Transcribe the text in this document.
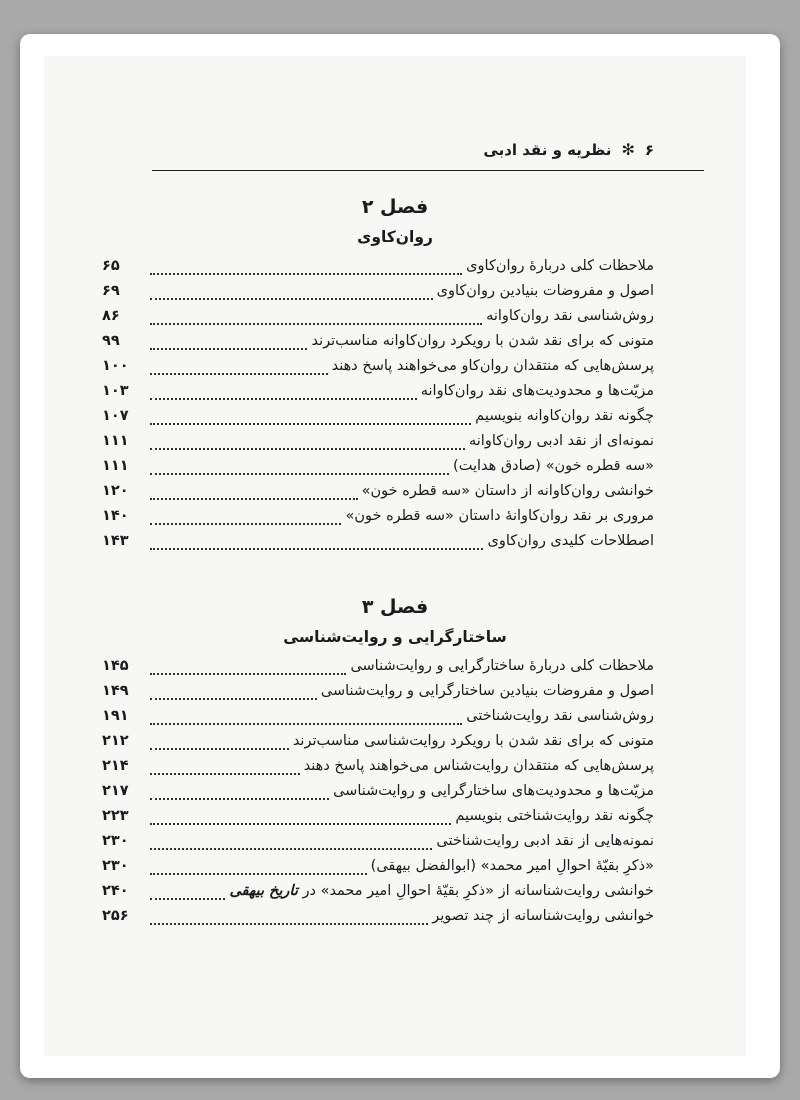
۶
✻
نظریه و نقد ادبی
فصل ۲
روان‌کاوی
ملاحظات کلی دربارهٔ روان‌کاوی
۶۵
اصول و مفروضات بنیادین روان‌کاوی
۶۹
روش‌شناسی نقد روان‌کاوانه
۸۶
متونی که برای نقد شدن با رویکرد روان‌کاوانه مناسب‌ترند
۹۹
پرسش‌هایی که منتقدان روان‌کاو می‌خواهند پاسخ دهند
۱۰۰
مزیّت‌ها و محدودیت‌های نقد روان‌کاوانه
۱۰۳
چگونه نقد روان‌کاوانه بنویسیم
۱۰۷
نمونه‌ای از نقد ادبی روان‌کاوانه
۱۱۱
«سه قطره خون» (صادق هدایت)
۱۱۱
خوانشی روان‌کاوانه از داستان «سه قطره خون»
۱۲۰
مروری بر نقد روان‌کاوانهٔ داستان «سه قطره خون»
۱۴۰
اصطلاحات کلیدی روان‌کاوی
۱۴۳
فصل ۳
ساختارگرایی و روایت‌شناسی
ملاحظات کلی دربارهٔ ساختارگرایی و روایت‌شناسی
۱۴۵
اصول و مفروضات بنیادین ساختارگرایی و روایت‌شناسی
۱۴۹
روش‌شناسی نقد روایت‌شناختی
۱۹۱
متونی که برای نقد شدن با رویکرد روایت‌شناسی مناسب‌ترند
۲۱۲
پرسش‌هایی که منتقدان روایت‌شناس می‌خواهند پاسخ دهند
۲۱۴
مزیّت‌ها و محدودیت‌های ساختارگرایی و روایت‌شناسی
۲۱۷
چگونه نقد روایت‌شناختی بنویسیم
۲۲۳
نمونه‌هایی از نقد ادبی روایت‌شناختی
۲۳۰
«ذکرِ بقیّهٔ احوالِ امیر محمد» (ابوالفضل بیهقی)
۲۳۰
خوانشی روایت‌شناسانه از «ذکرِ بقیّهٔ احوالِ امیر محمد» در تاریخ بیهقی
۲۴۰
خوانشی روایت‌شناسانه از چند تصویر
۲۵۶
